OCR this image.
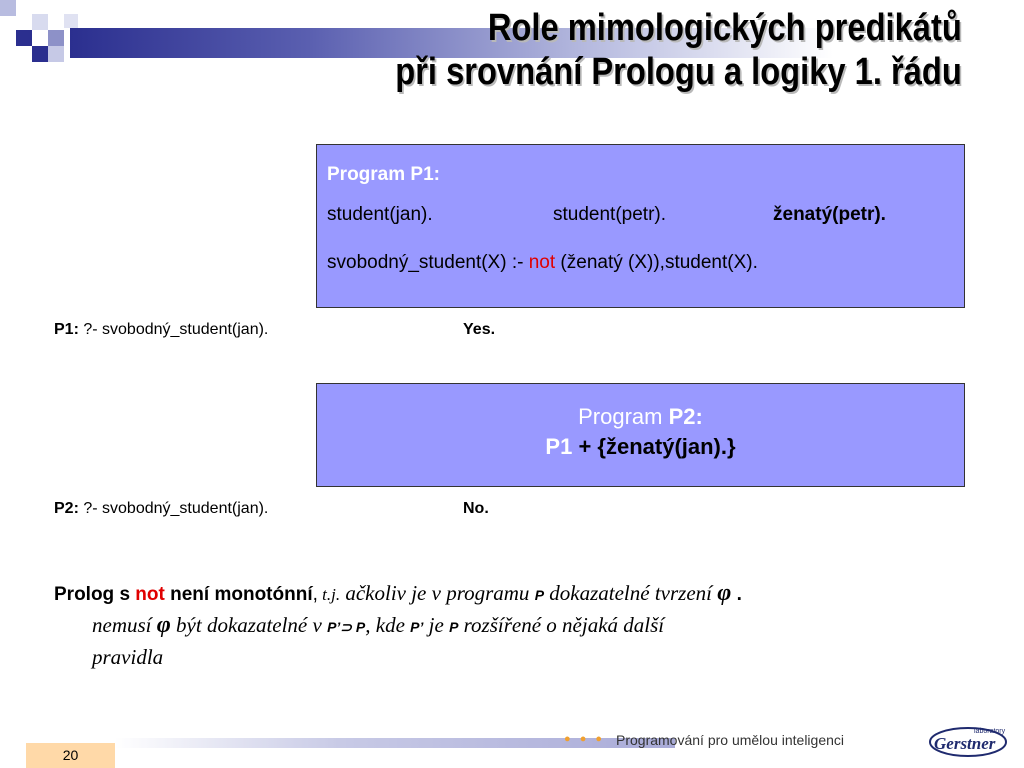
Role mimologických predikátů
při srovnání Prologu a logiky 1. řádu
Program P1:
student(jan).	student(petr).	ženatý(petr).
svobodný_student(X) :- not (ženatý (X)),student(X).
P1: ?- svobodný_student(jan).	Yes.
Program P2:
P1 + {ženatý(jan).}
P2: ?- svobodný_student(jan).	No.
Prolog s not není monotónní, t.j. ačkoliv je v programu P dokazatelné tvrzení φ .
nemusí φ být dokazatelné v P’⊃ P, kde P’ je P rozšířené o nějaká další
pravidla
20
● ● ● Programování pro umělou inteligenci
laboratory
Gerstner
